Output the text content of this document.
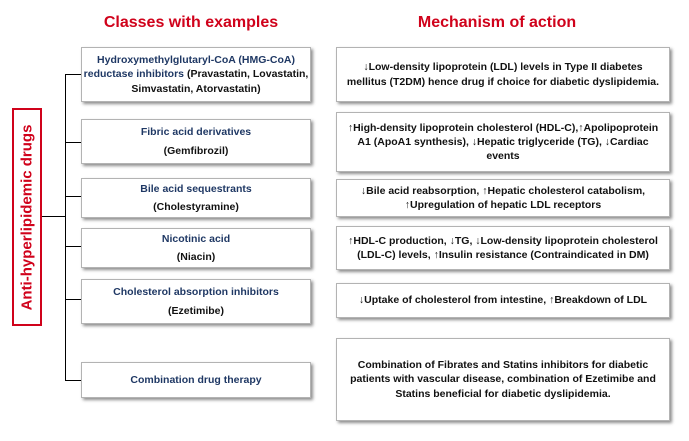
Classes with examples	Mechanism of action
Anti-hyperlipidemic drugs
Hydroxymethylglutaryl-CoA (HMG-CoA) reductase inhibitors (Pravastatin, Lovastatin, Simvastatin, Atorvastatin)
↓Low-density lipoprotein (LDL) levels in Type II diabetes mellitus (T2DM) hence drug if choice for diabetic dyslipidemia.
Fibric acid derivatives
(Gemfibrozil)
↑High-density lipoprotein cholesterol (HDL-C),↑Apolipoprotein A1 (ApoA1 synthesis), ↓Hepatic triglyceride (TG), ↓Cardiac events
Bile acid sequestrants
(Cholestyramine)
↓Bile acid reabsorption, ↑Hepatic cholesterol catabolism, ↑Upregulation of hepatic LDL receptors
Nicotinic acid
(Niacin)
↑HDL-C production, ↓TG, ↓Low-density lipoprotein cholesterol (LDL-C) levels, ↑Insulin resistance (Contraindicated in DM)
Cholesterol absorption inhibitors
(Ezetimibe)
↓Uptake of cholesterol from intestine, ↑Breakdown of LDL
Combination drug therapy
Combination of Fibrates and Statins inhibitors for diabetic patients with vascular disease, combination of Ezetimibe and Statins beneficial for diabetic dyslipidemia.
